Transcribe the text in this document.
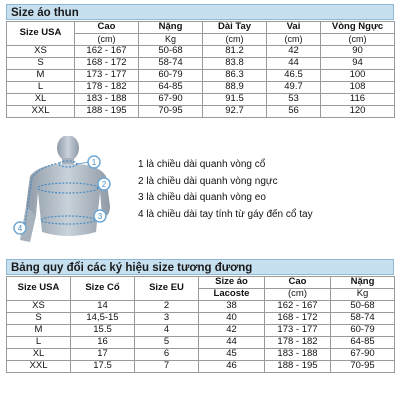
Size áo thun
Size USA	Cao	Nặng	Dài Tay	Vai	Vòng Ngực
	(cm)	Kg	(cm)	(cm)	(cm)
XS	162 - 167	50-68	81.2	42	90
S	168 - 172	58-74	83.8	44	94
M	173 - 177	60-79	86.3	46.5	100
L	178 - 182	64-85	88.9	49.7	108
XL	183 - 188	67-90	91.5	53	116
XXL	188 - 195	70-95	92.7	56	120
1
2
3
4
1 là chiều dài quanh vòng cổ
2 là chiều dài quanh vòng ngực
3 là chiều dài quanh vòng eo
4 là chiều dài tay tính từ gáy đến cổ tay
Bảng quy đổi các ký hiệu size tương đương
Size USA	Size Cổ	Size EU	Size áo	Cao	Nặng
			Lacoste	(cm)	Kg
XS	14	2	38	162 - 167	50-68
S	14,5-15	3	40	168 - 172	58-74
M	15.5	4	42	173 - 177	60-79
L	16	5	44	178 - 182	64-85
XL	17	6	45	183 - 188	67-90
XXL	17.5	7	46	188 - 195	70-95
